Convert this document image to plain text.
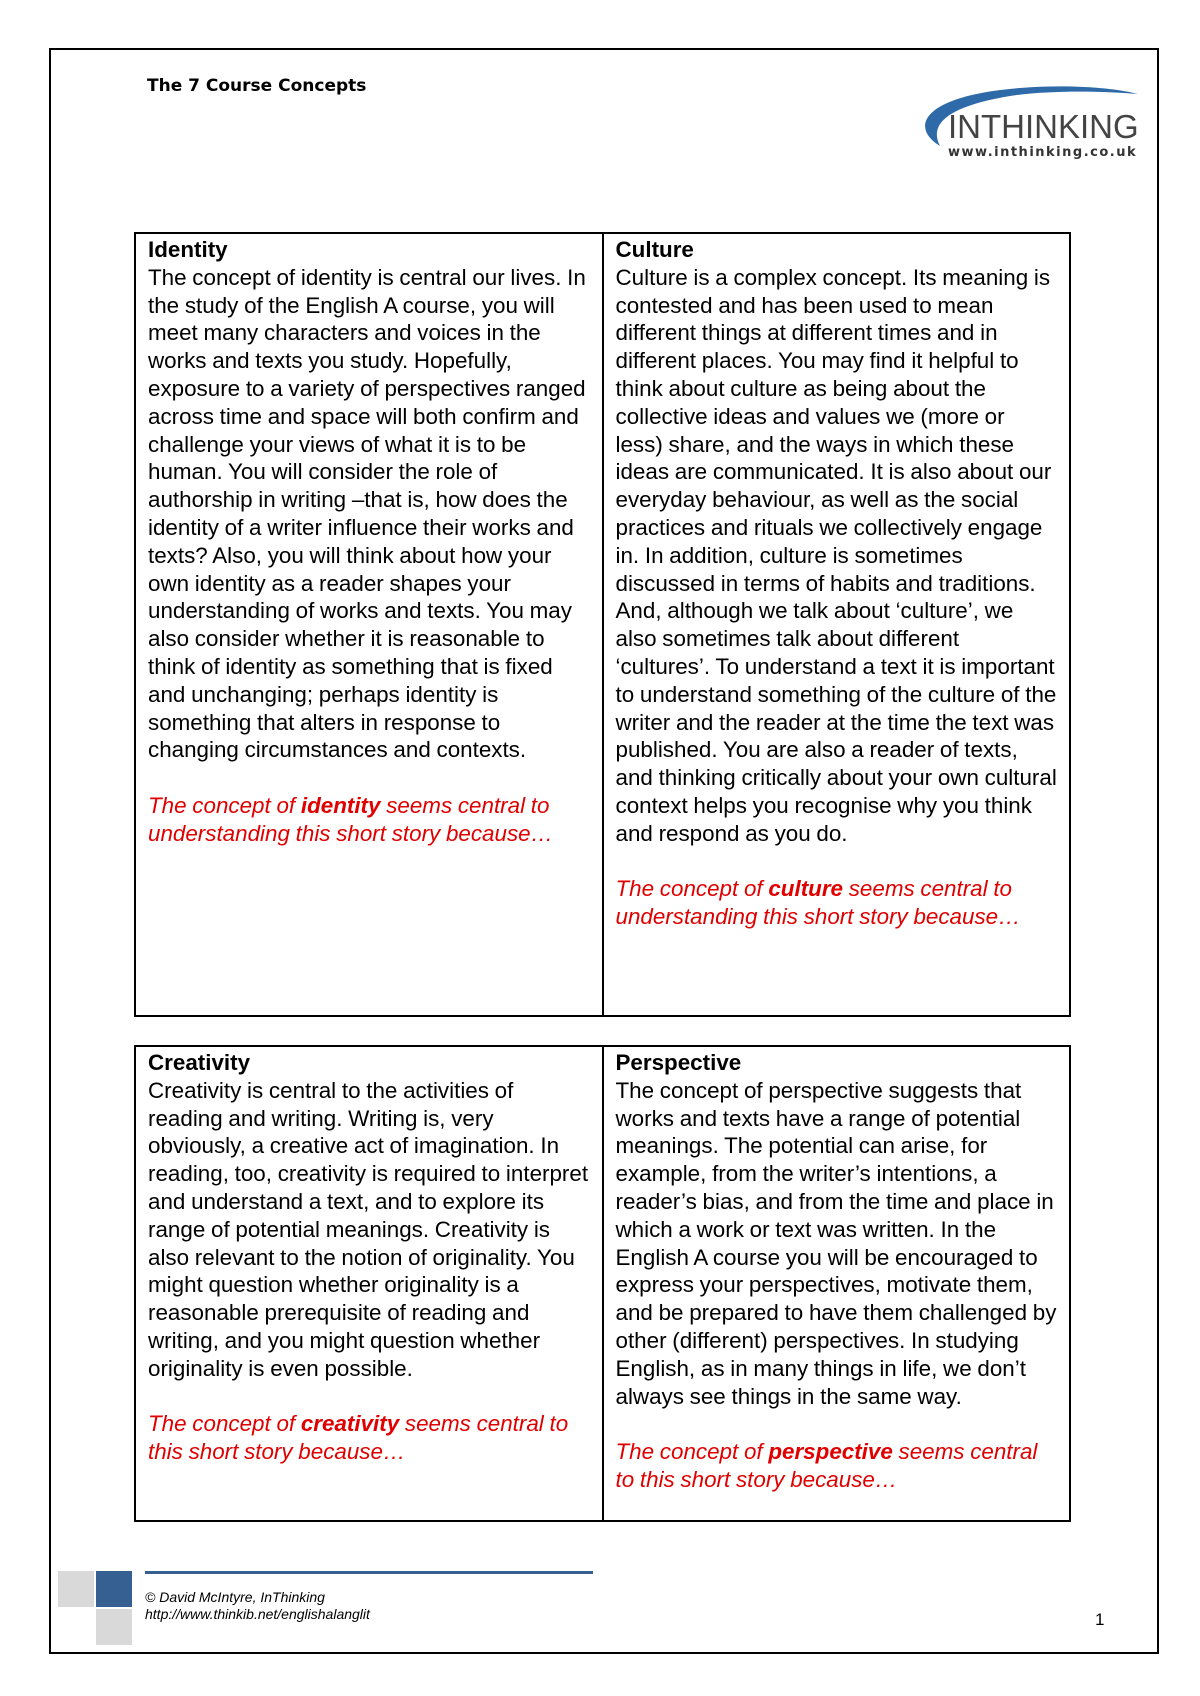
The 7 Course Concepts
INTHINKING
www.inthinking.co.uk
Identity
The concept of identity is central our lives. In the study of the English A course, you will meet many characters and voices in the works and texts you study. Hopefully, exposure to a variety of perspectives ranged across time and space will both confirm and challenge your views of what it is to be human. You will consider the role of authorship in writing –that is, how does the identity of a writer influence their works and texts? Also, you will think about how your own identity as a reader shapes your understanding of works and texts. You may also consider whether it is reasonable to think of identity as something that is fixed and unchanging; perhaps identity is something that alters in response to changing circumstances and contexts.
The concept of identity seems central to understanding this short story because…

Culture
Culture is a complex concept. Its meaning is contested and has been used to mean different things at different times and in different places. You may find it helpful to think about culture as being about the collective ideas and values we (more or less) share, and the ways in which these ideas are communicated. It is also about our everyday behaviour, as well as the social practices and rituals we collectively engage in. In addition, culture is sometimes discussed in terms of habits and traditions. And, although we talk about ‘culture’, we also sometimes talk about different ‘cultures’. To understand a text it is important to understand something of the culture of the writer and the reader at the time the text was published. You are also a reader of texts, and thinking critically about your own cultural context helps you recognise why you think and respond as you do.
The concept of culture seems central to understanding this short story because…
Creativity
Creativity is central to the activities of reading and writing. Writing is, very obviously, a creative act of imagination. In reading, too, creativity is required to interpret and understand a text, and to explore its range of potential meanings. Creativity is also relevant to the notion of originality. You might question whether originality is a reasonable prerequisite of reading and writing, and you might question whether originality is even possible.
The concept of creativity seems central to this short story because…

Perspective
The concept of perspective suggests that works and texts have a range of potential meanings. The potential can arise, for example, from the writer’s intentions, a reader’s bias, and from the time and place in which a work or text was written. In the English A course you will be encouraged to express your perspectives, motivate them, and be prepared to have them challenged by other (different) perspectives. In studying English, as in many things in life, we don’t always see things in the same way.
The concept of perspective seems central to this short story because…
© David McIntyre, InThinking
http://www.thinkib.net/englishalanglit	1
